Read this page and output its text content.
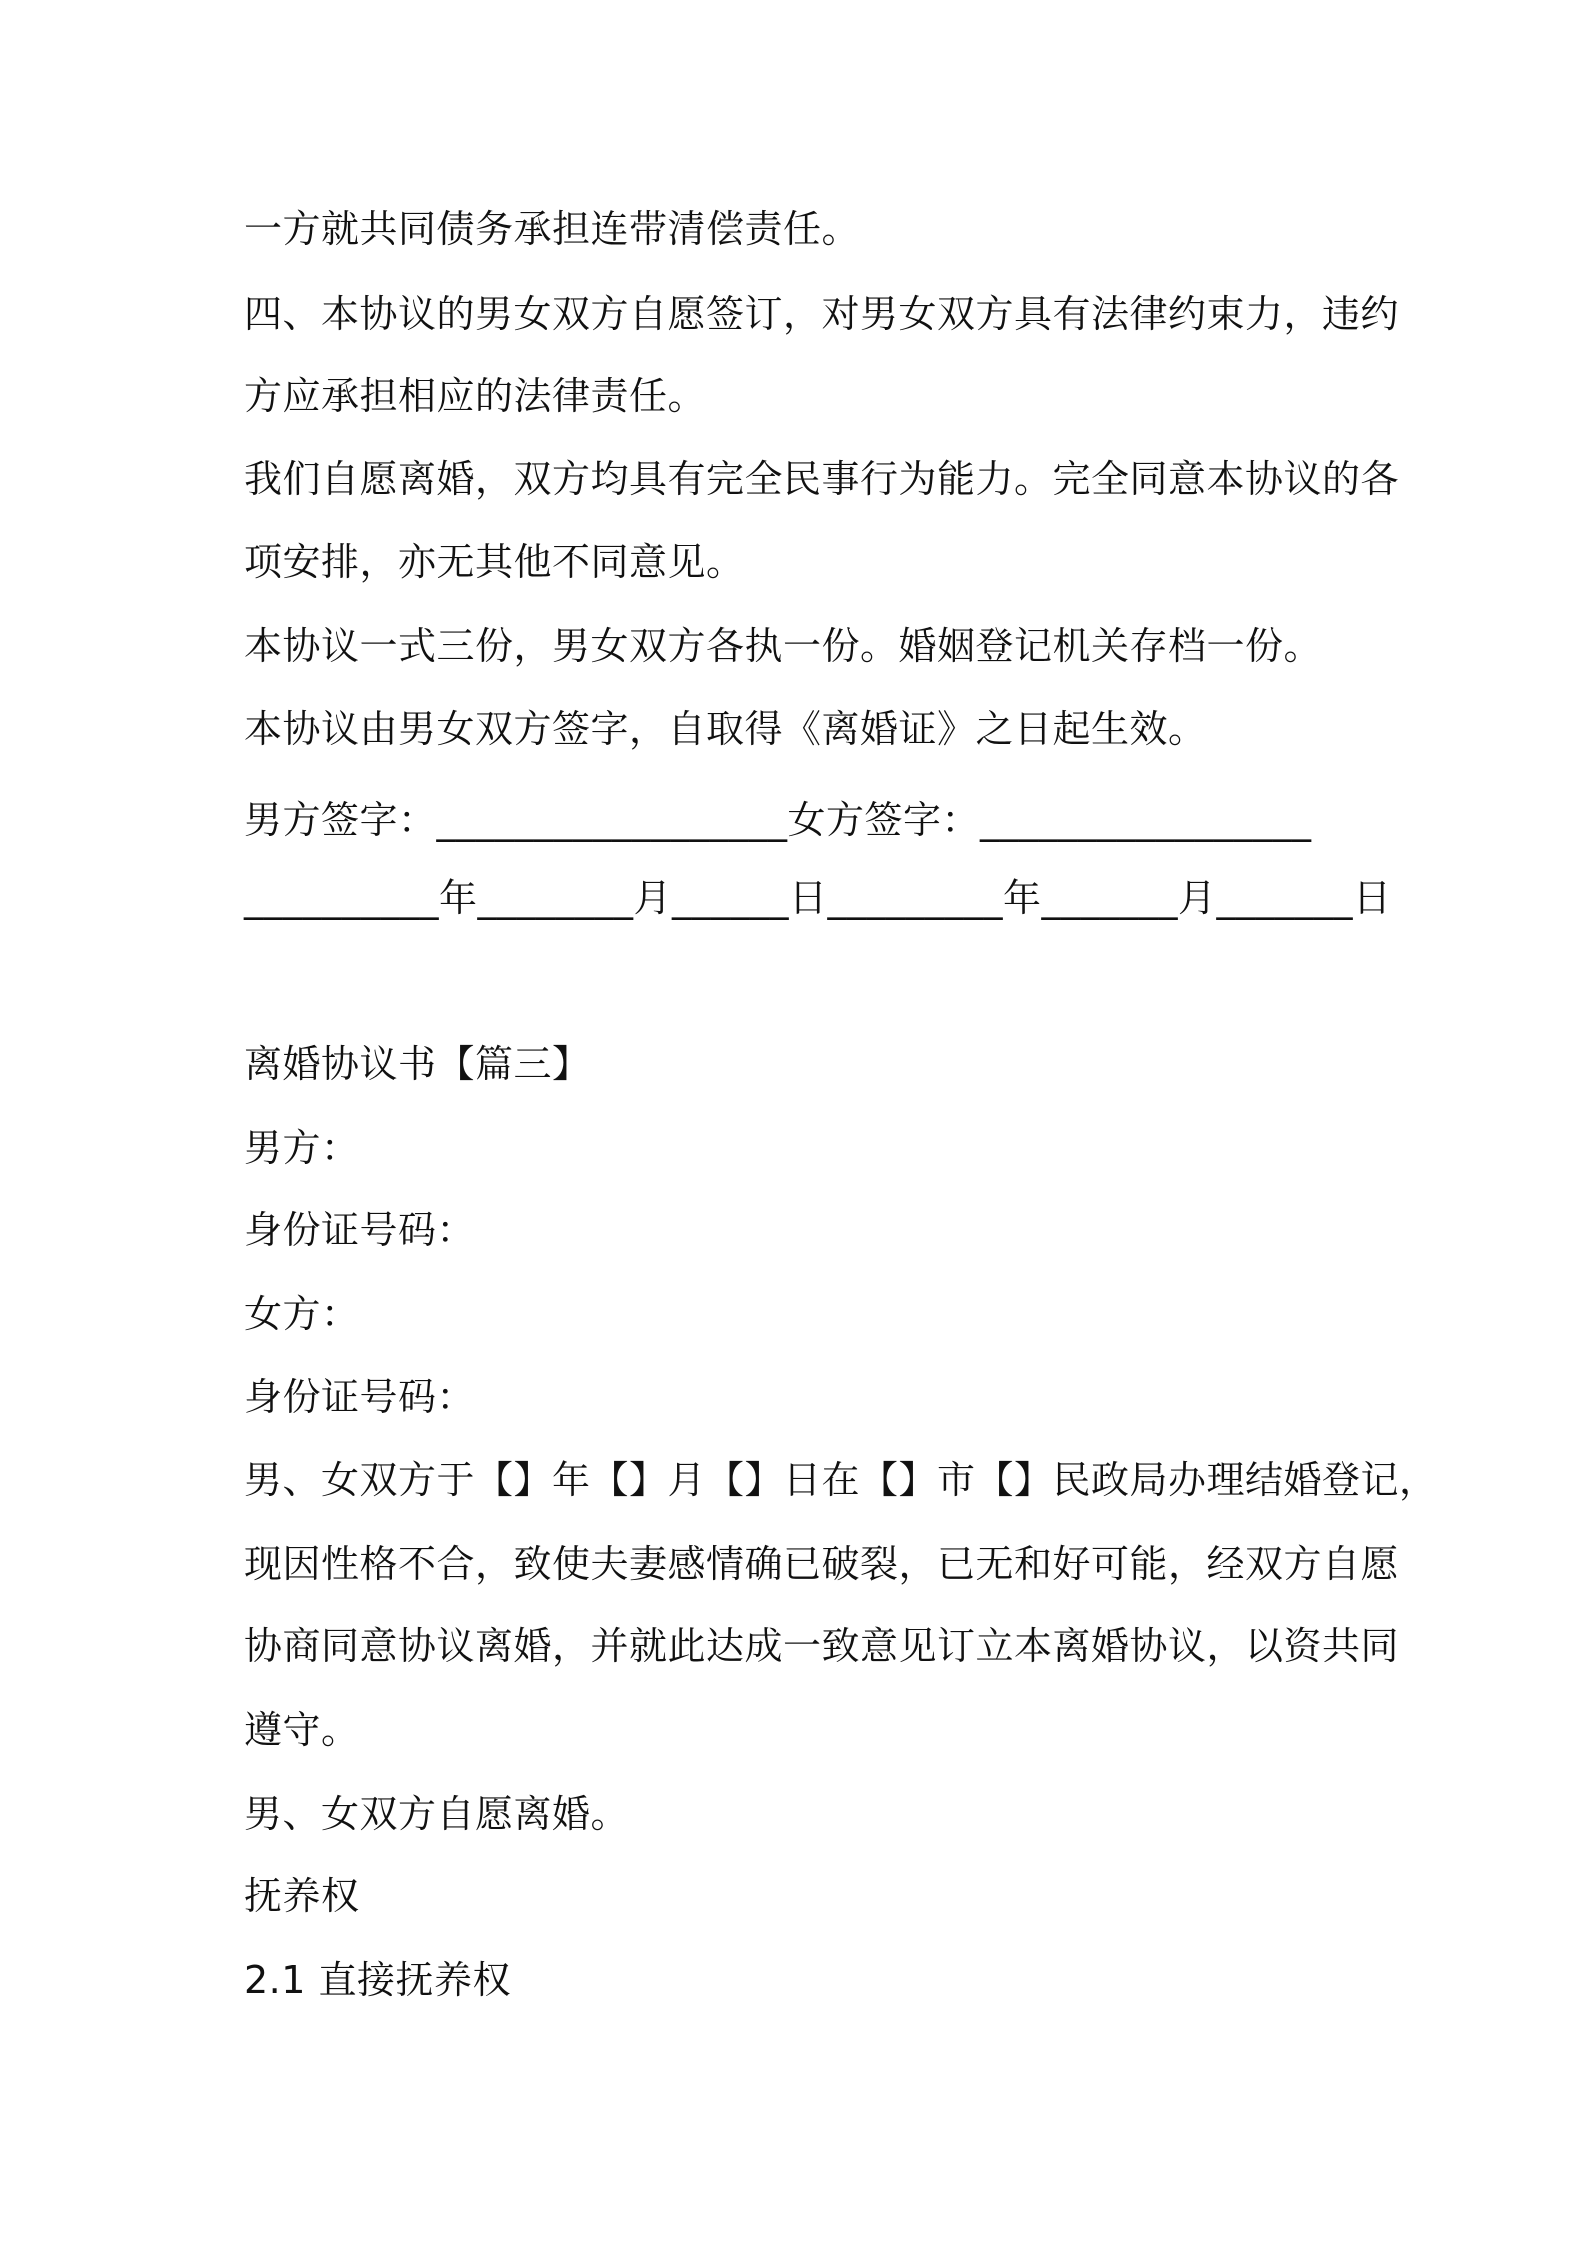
一方就共同债务承担连带清偿责任。
四、本协议的男女双方自愿签订，对男女双方具有法律约束力，违约
方应承担相应的法律责任。
我们自愿离婚，双方均具有完全民事行为能力。完全同意本协议的各
项安排，亦无其他不同意见。
本协议一式三份，男女双方各执一份。婚姻登记机关存档一份。
本协议由男女双方签字，自取得《离婚证》之日起生效。
男方签字：__________________女方签字：_________________
__________年________月______日_________年_______月_______日
离婚协议书【篇三】
男方：
身份证号码：
女方：
身份证号码：
男、女双方于【】年【】月【】日在【】市【】民政局办理结婚登记，
现因性格不合，致使夫妻感情确已破裂，已无和好可能，经双方自愿
协商同意协议离婚，并就此达成一致意见订立本离婚协议，以资共同
遵守。
男、女双方自愿离婚。
抚养权
2.1 直接抚养权
